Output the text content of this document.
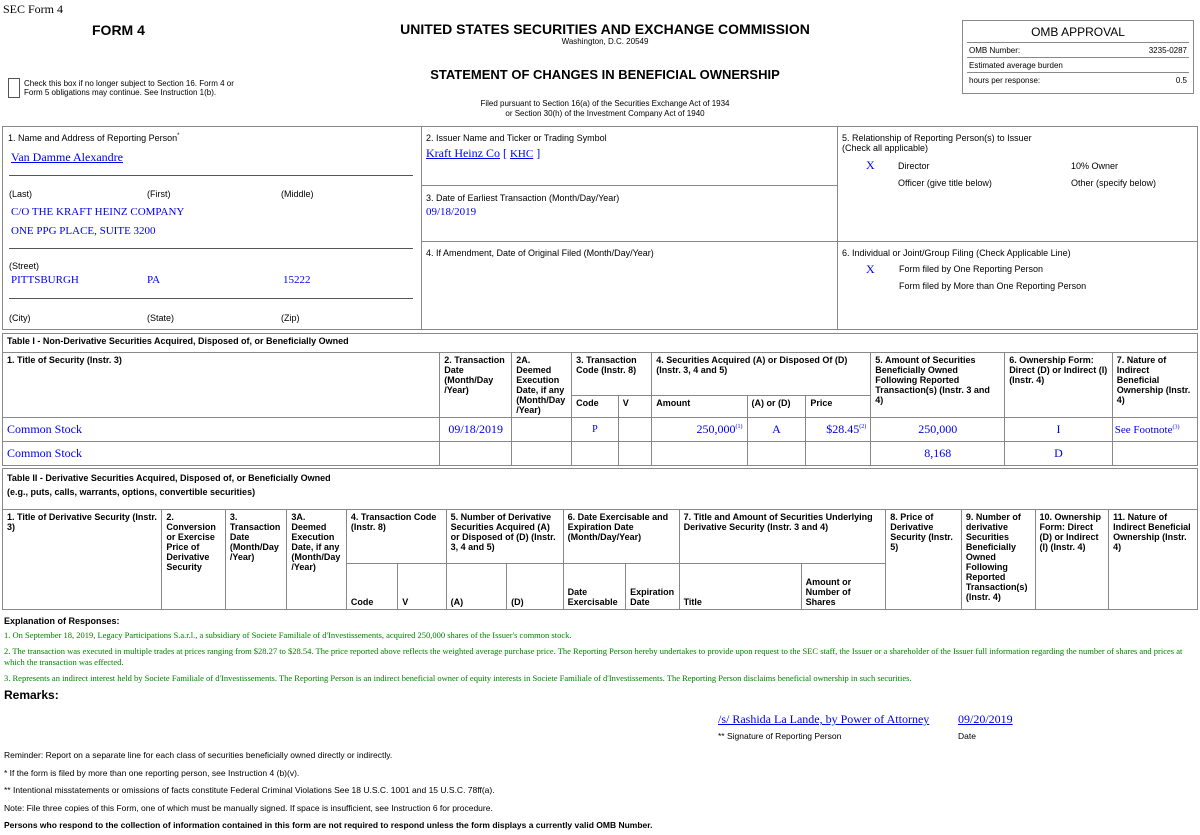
SEC Form 4
FORM 4
Check this box if no longer subject to Section 16. Form 4 or Form 5 obligations may continue. See Instruction 1(b).
UNITED STATES SECURITIES AND EXCHANGE COMMISSION
Washington, D.C. 20549
STATEMENT OF CHANGES IN BENEFICIAL OWNERSHIP
Filed pursuant to Section 16(a) of the Securities Exchange Act of 1934
or Section 30(h) of the Investment Company Act of 1940
OMB APPROVAL
OMB Number:	3235-0287
Estimated average burden
hours per response:	0.5
1. Name and Address of Reporting Person*
Van Damme Alexandre
(Last)	(First)	(Middle)
C/O THE KRAFT HEINZ COMPANY
ONE PPG PLACE, SUITE 3200
(Street)
PITTSBURGH	PA	15222
(City)	(State)	(Zip)
2. Issuer Name and Ticker or Trading Symbol
Kraft Heinz Co [ KHC ]
3. Date of Earliest Transaction (Month/Day/Year)
09/18/2019
4. If Amendment, Date of Original Filed (Month/Day/Year)
5. Relationship of Reporting Person(s) to Issuer
(Check all applicable)
X	Director	10% Owner
Officer (give title below)	Other (specify below)
6. Individual or Joint/Group Filing (Check Applicable Line)
X	Form filed by One Reporting Person
Form filed by More than One Reporting Person
Table I - Non-Derivative Securities Acquired, Disposed of, or Beneficially Owned										
1. Title of Security (Instr. 3)	2. Transaction Date (Month/Day /Year)	2A. Deemed Execution Date, if any (Month/Day /Year)	3. Transaction Code (Instr. 8)		4. Securities Acquired (A) or Disposed Of (D) (Instr. 3, 4 and 5)			5. Amount of Securities Beneficially Owned Following Reported Transaction(s) (Instr. 3 and 4)	6. Ownership Form: Direct (D) or Indirect (I) (Instr. 4)	7. Nature of Indirect Beneficial Ownership (Instr. 4)
			Code	V	Amount	(A) or (D)	Price			
Common Stock	09/18/2019		P		250,000$^{(1)}$	A	$28.45$^{(2)}$	250,000	I	See Footnote$^{(3)}$
Common Stock								8,168	D	
Table II - Derivative Securities Acquired, Disposed of, or Beneficially Owned
(e.g., puts, calls, warrants, options, convertible securities)															

1. Title of Derivative Security (Instr. 3)	2. Conversion or Exercise Price of Derivative Security	3. Transaction Date (Month/Day /Year)	3A. Deemed Execution Date, if any (Month/Day /Year)	4. Transaction Code (Instr. 8)		5. Number of Derivative Securities Acquired (A) or Disposed of (D) (Instr. 3, 4 and 5)		6. Date Exercisable and Expiration Date (Month/Day/Year)		7. Title and Amount of Securities Underlying Derivative Security (Instr. 3 and 4)		8. Price of Derivative Security (Instr. 5)	9. Number of derivative Securities Beneficially Owned Following Reported Transaction(s) (Instr. 4)	10. Ownership Form: Direct (D) or Indirect (I) (Instr. 4)	11. Nature of Indirect Beneficial Ownership (Instr. 4)
				Code	V	(A)	(D)	Date Exercisable	Expiration Date	Title	Amount or Number of Shares				
Explanation of Responses:
1. On September 18, 2019, Legacy Participations S.a.r.l., a subsidiary of Societe Familiale of d'Investissements, acquired 250,000 shares of the Issuer's common stock.
2. The transaction was executed in multiple trades at prices ranging from $28.27 to $28.54. The price reported above reflects the weighted average purchase price. The Reporting Person hereby undertakes to provide upon request to the SEC staff, the Issuer or a shareholder of the Issuer full information regarding the number of shares and prices at which the transaction was effected.
3. Represents an indirect interest held by Societe Familiale of d'Investissements. The Reporting Person is an indirect beneficial owner of equity interests in Societe Familiale of d'Investissements. The Reporting Person disclaims beneficial ownership in such securities.
Remarks:
/s/ Rashida La Lande, by Power of Attorney 09/20/2019
** Signature of Reporting Person	Date
Reminder: Report on a separate line for each class of securities beneficially owned directly or indirectly.
* If the form is filed by more than one reporting person, see Instruction 4 (b)(v).
** Intentional misstatements or omissions of facts constitute Federal Criminal Violations See 18 U.S.C. 1001 and 15 U.S.C. 78ff(a).
Note: File three copies of this Form, one of which must be manually signed. If space is insufficient, see Instruction 6 for procedure.
Persons who respond to the collection of information contained in this form are not required to respond unless the form displays a currently valid OMB Number.
